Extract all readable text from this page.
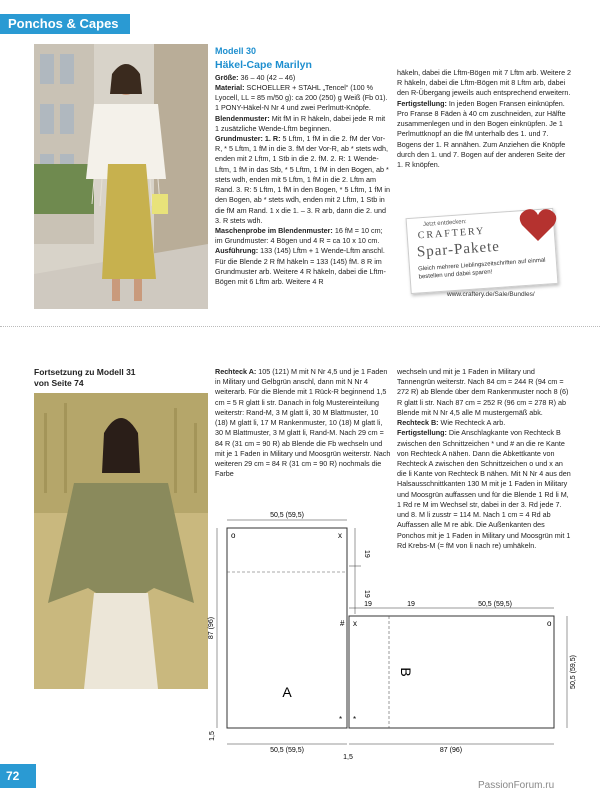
Ponchos & Capes
Modell 30
Häkel-Cape Marilyn

Größe: 36 – 40 (42 – 46)

Material: SCHOELLER + STAHL „Tencel“ (100 % Lyocell, LL = 85 m/50 g): ca 200 (250) g Weiß (Fb 01).

1 PONY-Häkel-N Nr 4 und zwei Perlmutt-Knöpfe.

Blendenmuster: Mit fM in R häkeln, dabei jede R mit 1 zusätzliche Wende-Lftm beginnen.

Grundmuster: 1. R: 5 Lftm, 1 fM in die 2. fM der Vor-R, * 5 Lftm, 1 fM in die 3. fM der Vor-R, ab * stets wdh, enden mit 2 Lftm, 1 Stb in die 2. fM. 2. R: 1 Wende-Lftm, 1 fM in das Stb, * 5 Lftm, 1 fM in den Bogen, ab * stets wdh, enden mit 5 Lftm, 1 fM in die 2. Lftm am Rand. 3. R: 5 Lftm, 1 fM in den Bogen, * 5 Lftm, 1 fM in den Bogen, ab * stets wdh, enden mit 2 Lftm, 1 Stb in die fM am Rand. 1 x die 1. – 3. R arb, dann die 2. und 3. R stets wdh.

Maschenprobe im Blendenmuster: 16 fM = 10 cm; im Grundmuster: 4 Bögen und 4 R = ca 10 x 10 cm.

Ausführung: 133 (145) Lftm + 1 Wende-Lftm anschl. Für die Blende 2 R fM häkeln = 133 (145) fM. 8 R im Grundmuster arb. Weitere 4 R häkeln, dabei die Lftm-Bögen mit 6 Lftm arb. Weitere 4 R

häkeln, dabei die Lftm-Bögen mit 7 Lftm arb. Weitere 2 R häkeln, dabei die Lftm-Bögen mit 8 Lftm arb, dabei den R-Übergang jeweils auch entsprechend erweitern.

Fertigstellung: In jeden Bogen Fransen einknüpfen. Pro Franse 8 Fäden à 40 cm zuschneiden, zur Hälfte zusammenlegen und in den Bogen einknüpfen. Je 1 Perlmuttknopf an die fM unterhalb des 1. und 7. Bogens der 1. R annähen. Zum Anziehen die Knöpfe durch den 1. und 7. Bogen auf der anderen Seite der 1. R knöpfen.

Jetzt entdecken:
CRAFTERY
Spar-Pakete
Gleich mehrere Lieblingszeitschriften auf einmal bestellen und dabei sparen!
www.craftery.de/Sale/Bundles/
Fortsetzung zu Modell 31
von Seite 74

Rechteck A: 105 (121) M mit N Nr 4,5 und je 1 Faden in Military und Gelbgrün anschl, dann mit N Nr 4 weiterarb. Für die Blende mit 1 Rück-R beginnend 1,5 cm = 5 R glatt li str. Danach in folg Mustereinteilung weiterstr: Rand-M, 3 M glatt li, 30 M Blattmuster, 10 (18) M glatt li, 17 M Rankenmuster, 10 (18) M glatt li, 30 M Blattmuster, 3 M glatt li, Rand-M. Nach 29 cm = 84 R (31 cm = 90 R) ab Blende die Fb wechseln und mit je 1 Faden in Military und Moosgrün weiterstr. Nach weiteren 29 cm = 84 R (31 cm = 90 R) nochmals die Farbe

wechseln und mit je 1 Faden in Military und Tannengrün weiterstr. Nach 84 cm = 244 R (94 cm = 272 R) ab Blende über dem Rankenmuster noch 8 (6) R glatt li str. Nach 87 cm = 252 R (96 cm = 278 R) ab Blende mit N Nr 4,5 alle M mustergemäß abk.

Rechteck B: Wie Rechteck A arb.

Fertigstellung: Die Anschlagkante von Rechteck B zwischen den Schnittzeichen * und # an die re Kante von Rechteck A nähen. Dann die Abkettkante von Rechteck A zwischen den Schnittzeichen o und x an die li Kante von Rechteck B nähen. Mit N Nr 4 aus den Halsausschnittkanten 130 M mit je 1 Faden in Military und Moosgrün auffassen und für die Blende 1 Rd li M, 1 Rd re M im Wechsel str, dabei in der 3. Rd jede 7. und 8. M li zusstr = 114 M. Nach 1 cm = 4 Rd ab Auffassen alle M re abk. Die Außenkanten des Ponchos mit je 1 Faden in Military und Moosgrün mit 1 Rd Krebs-M (= fM von li nach re) umhäkeln.

50,5 (59,5)
19
19
19	19	50,5 (59,5)
87 (96)
50,5 (59,5)	87 (96)
50,5 (59,5)
1,5
1,5
A
B
o	x
# x	o
* *
72
PassionForum.ru
